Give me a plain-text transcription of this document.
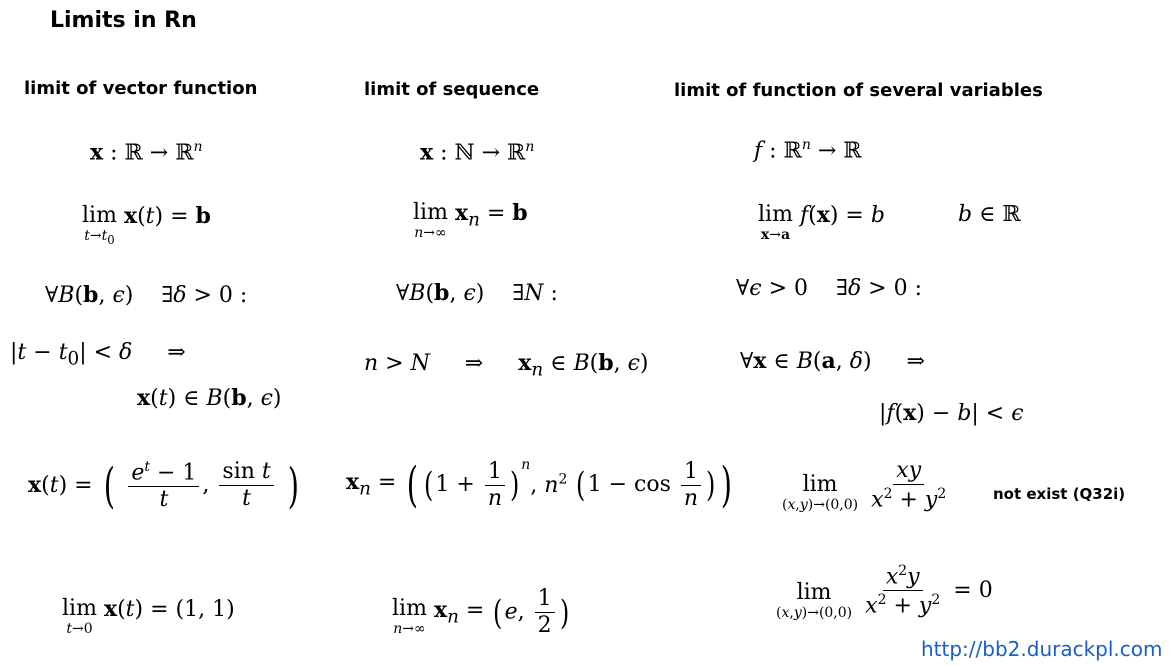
Limits in Rn
limit of vector function	limit of sequence	limit of function of several variables
x : ℝ → ℝ$^n$
lim
$t\to t_0$
x(t) = b
∀B(b, ϵ)    ∃δ > 0 :
$|t - t_0| < \delta$     ⇒
x(t) ∈ B(b, ϵ)
x(t) = ( $\frac{e^t - 1}{t}$ , $\frac{\text{sin t}}{t}$ )
lim
t→0
x(t) = (1, 1)
x : ℕ → ℝ$^n$
lim
n→∞
$x_n = b$
∀B(b, ϵ)    ∃N :
n > N     ⇒     $x_n$ ∈ B(b, ϵ)
$x_n$ = ( ($1 + \frac{1}{n}$ ) $^n$, $n^2$ ($1 - \cos \frac{1}{n}$ ) )
lim
n→∞
$x_n = (e$, $\frac{1}{2}$ )
f : ℝ$^n$ → ℝ
lim
x→a
f(x) = b	b ∈ ℝ
∀ϵ > 0    ∃δ > 0 :
∀x ∈ B(a, δ)     ⇒
|f(x) − b| < ϵ
lim
(x,y)→(0,0)
$\frac{xy}{x^2 + y^2}$	not exist (Q32i)
lim
(x,y)→(0,0)
$\frac{x^2y}{x^2 + y^2} = 0$
http://bb2.durackpl.com
